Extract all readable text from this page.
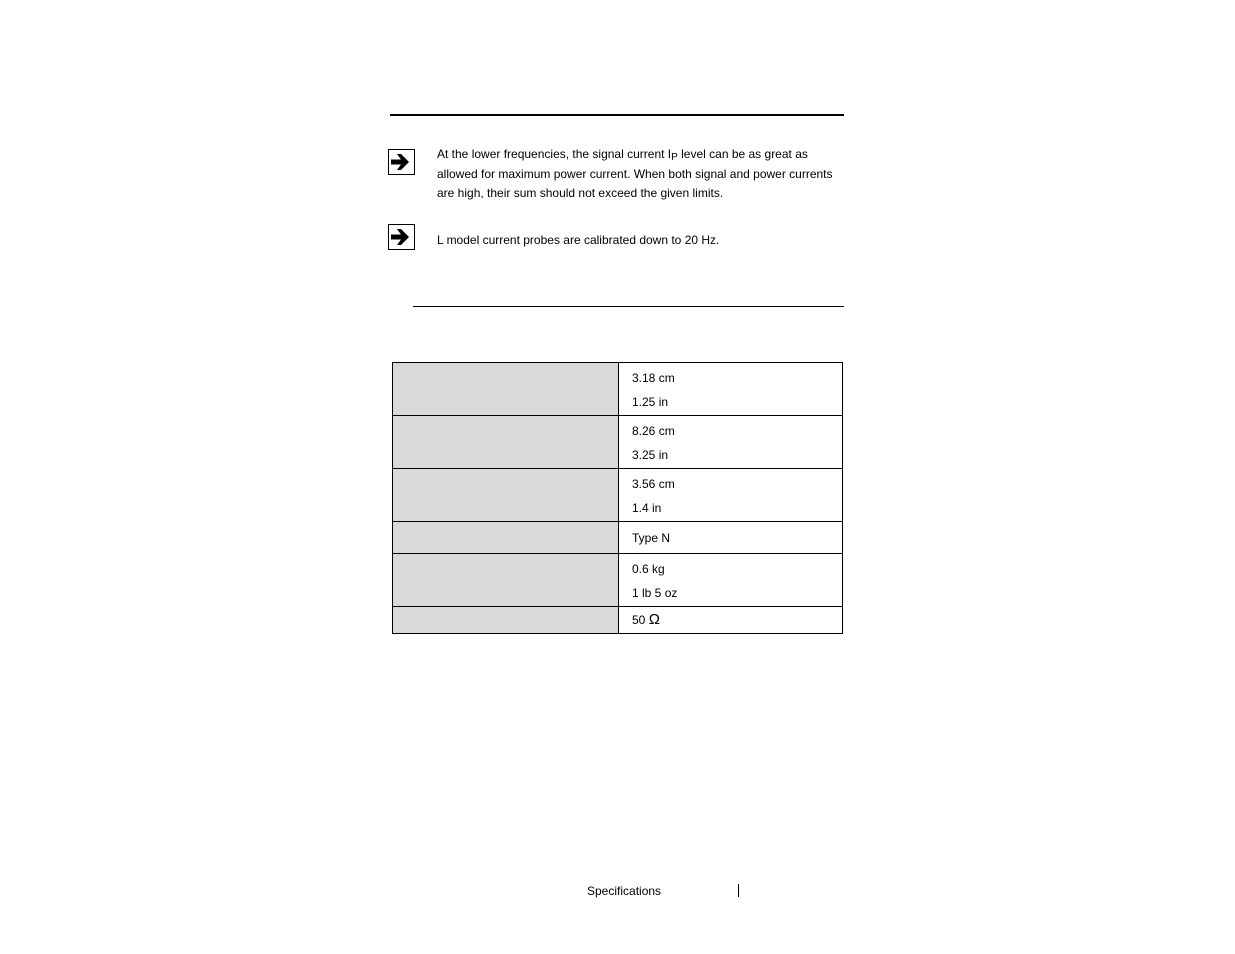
At the lower frequencies, the signal current IP level can be as great as allowed for maximum power current. When both signal and power currents are high, their sum should not exceed the given limits.
L model current probes are calibrated down to 20 Hz.

	3.18 cm
1.25 in

	8.26 cm
3.25 in

	3.56 cm
1.4 in

	Type N

	0.6 kg
1 lb 5 oz

	50 Ω
Specifications
